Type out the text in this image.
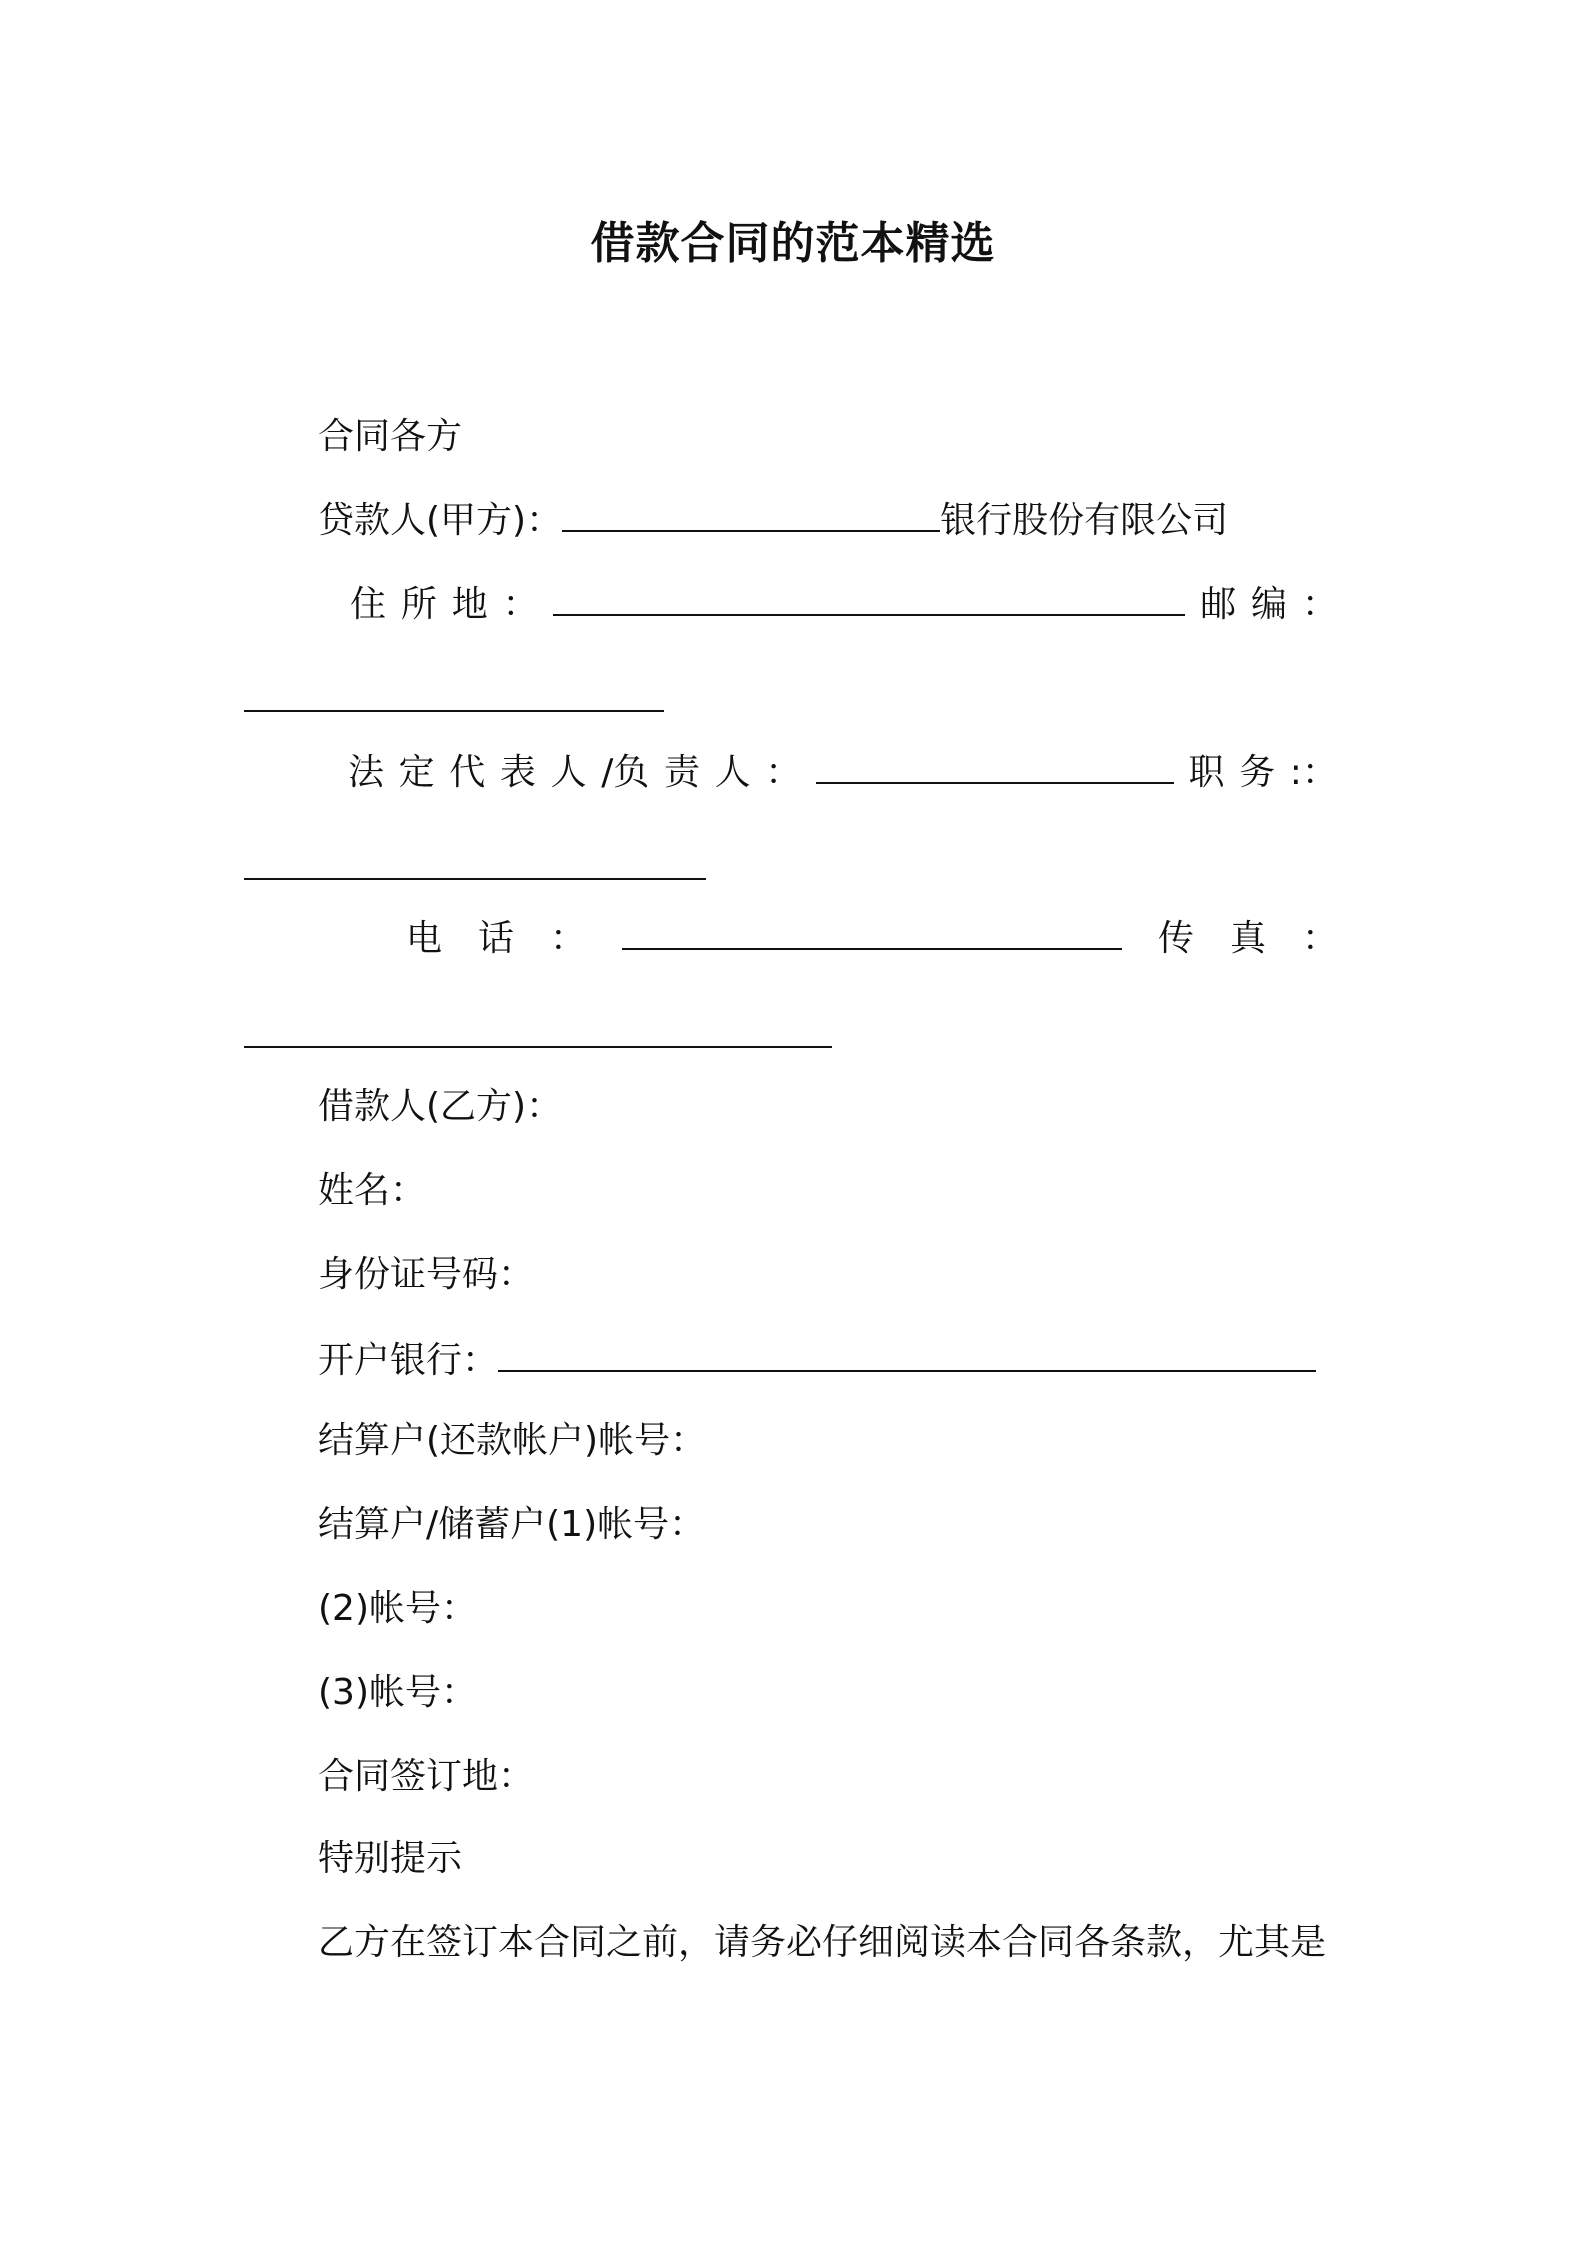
借款合同的范本精选
合同各方
贷款人(甲方)：	银行股份有限公司
住 所 地 ：	邮 编 ：
法 定 代 表 人 /负 责 人 ：	职 务 :：
电 话 ：	传 真 ：
借款人(乙方)：
姓名：
身份证号码：
开户银行：
结算户(还款帐户)帐号：
结算户/储蓄户(1)帐号：
(2)帐号：
(3)帐号：
合同签订地：
特别提示
乙方在签订本合同之前，请务必仔细阅读本合同各条款，尤其是
